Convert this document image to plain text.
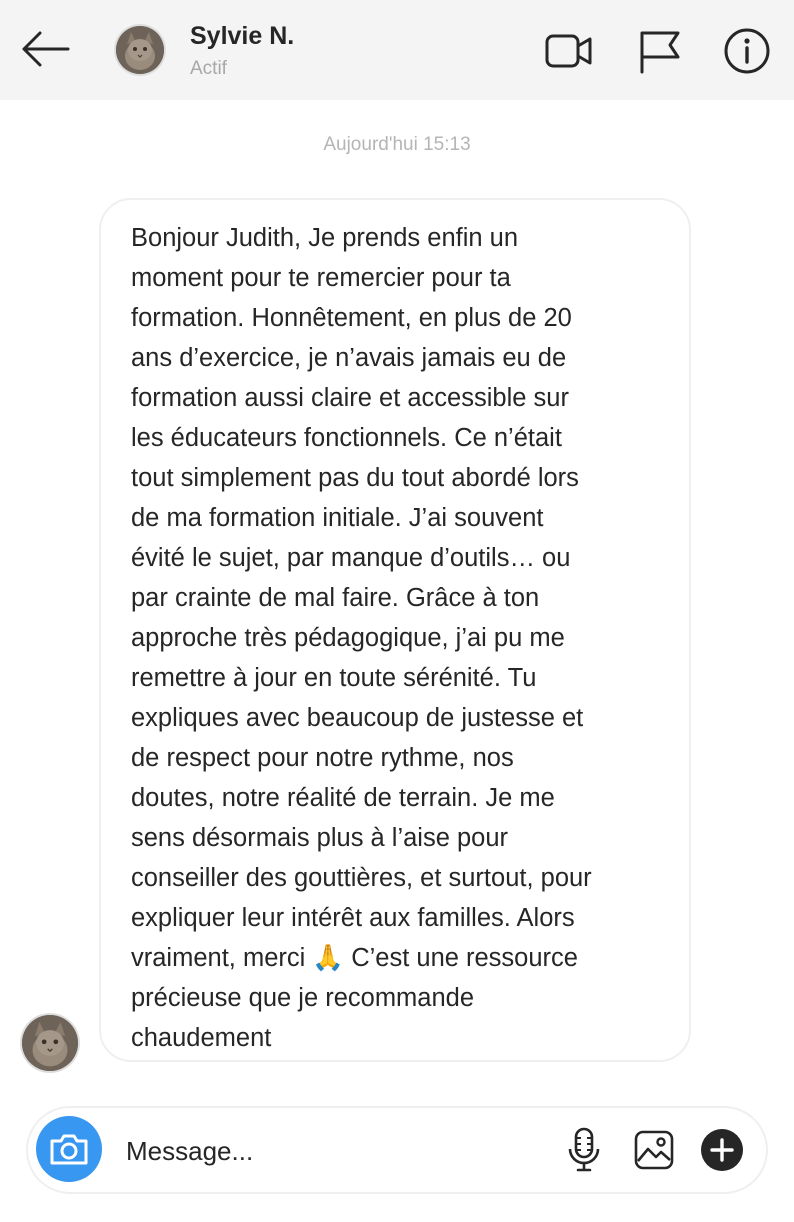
Sylvie N.
Actif
Aujourd'hui 15:13
Bonjour Judith, Je prends enfin un
moment pour te remercier pour ta
formation. Honnêtement, en plus de 20
ans d’exercice, je n’avais jamais eu de
formation aussi claire et accessible sur
les éducateurs fonctionnels. Ce n’était
tout simplement pas du tout abordé lors
de ma formation initiale. J’ai souvent
évité le sujet, par manque d’outils… ou
par crainte de mal faire. Grâce à ton
approche très pédagogique, j’ai pu me
remettre à jour en toute sérénité. Tu
expliques avec beaucoup de justesse et
de respect pour notre rythme, nos
doutes, notre réalité de terrain. Je me
sens désormais plus à l’aise pour
conseiller des gouttières, et surtout, pour
expliquer leur intérêt aux familles. Alors
vraiment, merci 🙏 C’est une ressource
précieuse que je recommande
chaudement
Message...
